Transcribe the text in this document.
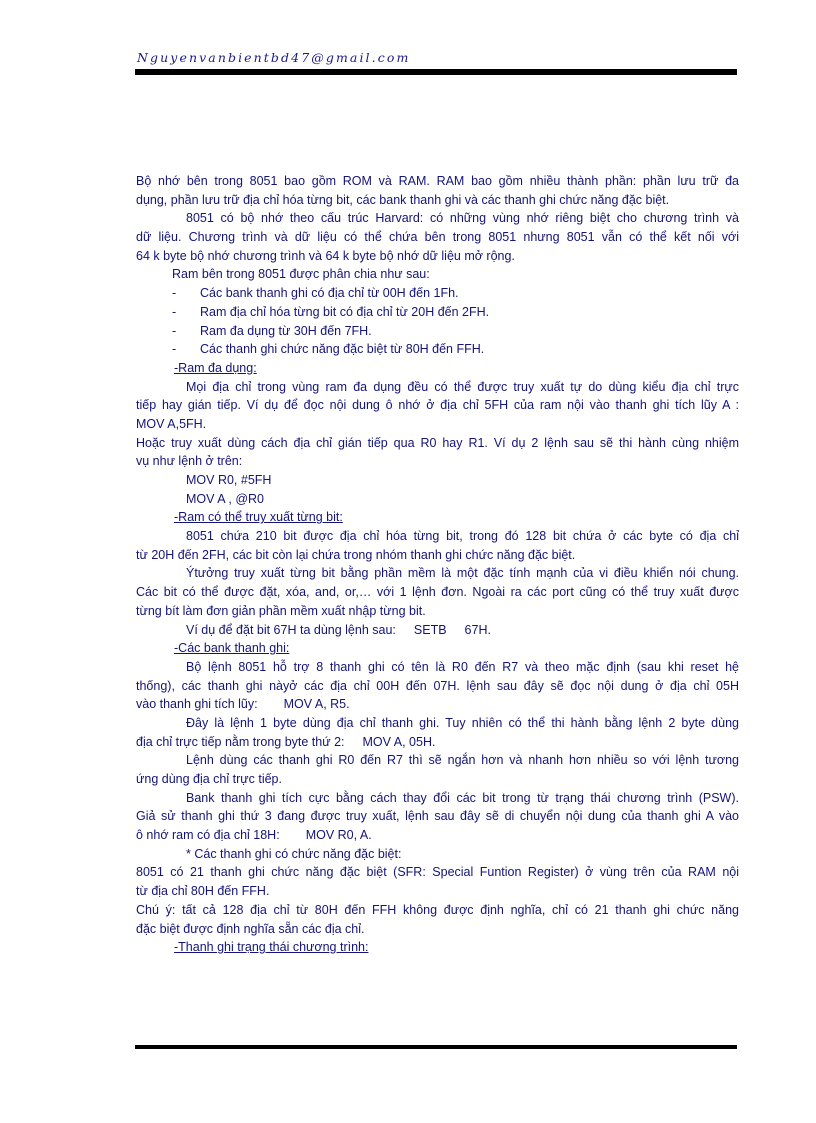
Nguyenvanbientbd47@gmail.com
Bộ nhớ bên trong 8051 bao gồm ROM và RAM. RAM bao gồm nhiều thành phần: phần lưu trữ đa
dụng, phần lưu trữ địa chỉ hóa từng bit, các bank thanh ghi và các thanh ghi chức năng đặc biệt.
8051 có bộ nhớ theo cấu trúc Harvard: có những vùng nhớ riêng biệt cho chương trình và
dữ liệu. Chương trình và dữ liệu có thể chứa bên trong 8051 nhưng 8051 vẫn có thể kết nối với
64 k byte bộ nhớ chương trình và 64 k byte bộ nhớ dữ liệu mở rộng.
Ram bên trong 8051 được phân chia như sau:
- Các bank thanh ghi có địa chỉ từ 00H đến 1Fh.
- Ram địa chỉ hóa từng bit có địa chỉ từ 20H đến 2FH.
- Ram đa dụng từ 30H đến 7FH.
- Các thanh ghi chức năng đặc biệt từ 80H đến FFH.
-Ram đa dụng:
Mọi địa chỉ trong vùng ram đa dụng đều có thể được truy xuất tự do dùng kiểu địa chỉ trực
tiếp hay gián tiếp. Ví dụ để đọc nội dung ô nhớ ở địa chỉ 5FH của ram nội vào thanh ghi tích lũy A :
MOV A,5FH.
Hoặc truy xuất dùng cách địa chỉ gián tiếp qua R0 hay R1. Ví dụ 2 lệnh sau sẽ thi hành cùng nhiệm
vụ như lệnh ở trên:
MOV R0, #5FH
MOV A , @R0
-Ram có thể truy xuất từng bit:
8051 chứa 210 bit được địa chỉ hóa từng bit, trong đó 128 bit chứa ở các byte có địa chỉ
từ 20H đến 2FH, các bit còn lại chứa trong nhóm thanh ghi chức năng đặc biệt.
Ýtưởng truy xuất từng bit bằng phần mềm là một đặc tính mạnh của vi điều khiển nói chung.
Các bit có thể được đặt, xóa, and, or,… với 1 lệnh đơn. Ngoài ra các port cũng có thể truy xuất được
từng bít làm đơn giản phần mềm xuất nhập từng bit.
Ví dụ để đặt bit 67H ta dùng lệnh sau: SETB 67H.
-Các bank thanh ghi:
Bộ lệnh 8051 hỗ trợ 8 thanh ghi có tên là R0 đến R7 và theo mặc định (sau khi reset hệ
thống), các thanh ghi nàyở các địa chỉ 00H đến 07H. lệnh sau đây sẽ đọc nội dung ở địa chỉ 05H
vào thanh ghi tích lũy: MOV A, R5.
Đây là lệnh 1 byte dùng địa chỉ thanh ghi. Tuy nhiên có thể thi hành bằng lệnh 2 byte dùng
địa chỉ trực tiếp nằm trong byte thứ 2: MOV A, 05H.
Lệnh dùng các thanh ghi R0 đến R7 thì sẽ ngắn hơn và nhanh hơn nhiều so với lệnh tương
ứng dùng địa chỉ trực tiếp.
Bank thanh ghi tích cực bằng cách thay đổi các bit trong từ trạng thái chương trình (PSW).
Giả sử thanh ghi thứ 3 đang được truy xuất, lệnh sau đây sẽ di chuyển nội dung của thanh ghi A vào
ô nhớ ram có địa chỉ 18H: MOV R0, A.
* Các thanh ghi có chức năng đặc biệt:
8051 có 21 thanh ghi chức năng đặc biệt (SFR: Special Funtion Register) ở vùng trên của RAM nội
từ địa chỉ 80H đến FFH.
Chú ý: tất cả 128 địa chỉ từ 80H đến FFH không được định nghĩa, chỉ có 21 thanh ghi chức năng
đặc biệt được định nghĩa sẵn các địa chỉ.
-Thanh ghi trạng thái chương trình:
